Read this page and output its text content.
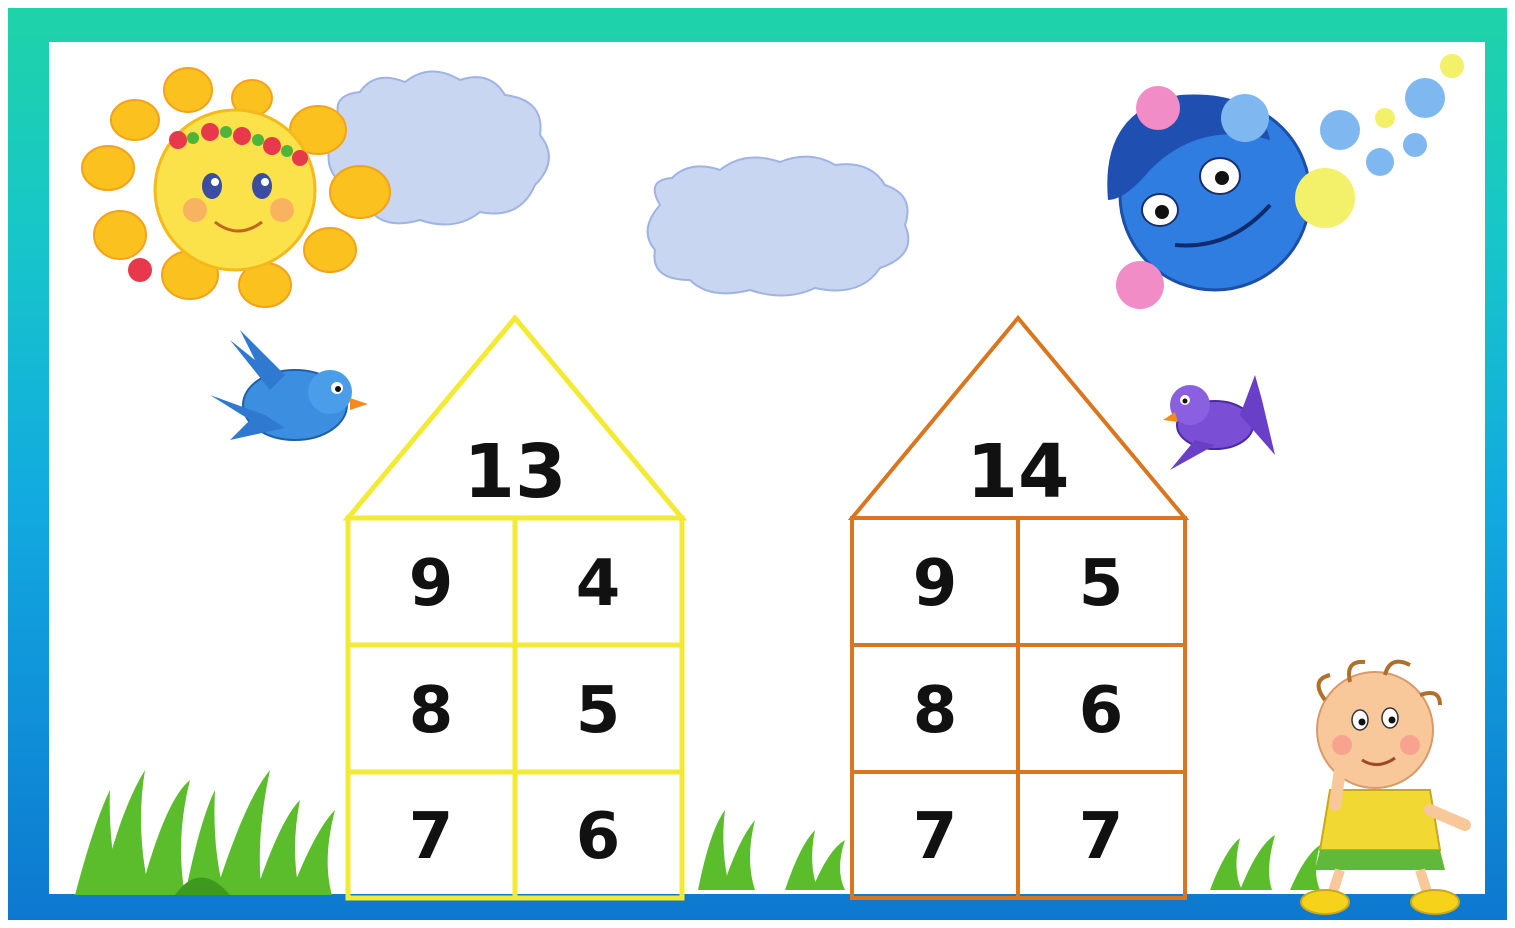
13
9 4
8 5
7 6
14
9 5
8 6
7 7
